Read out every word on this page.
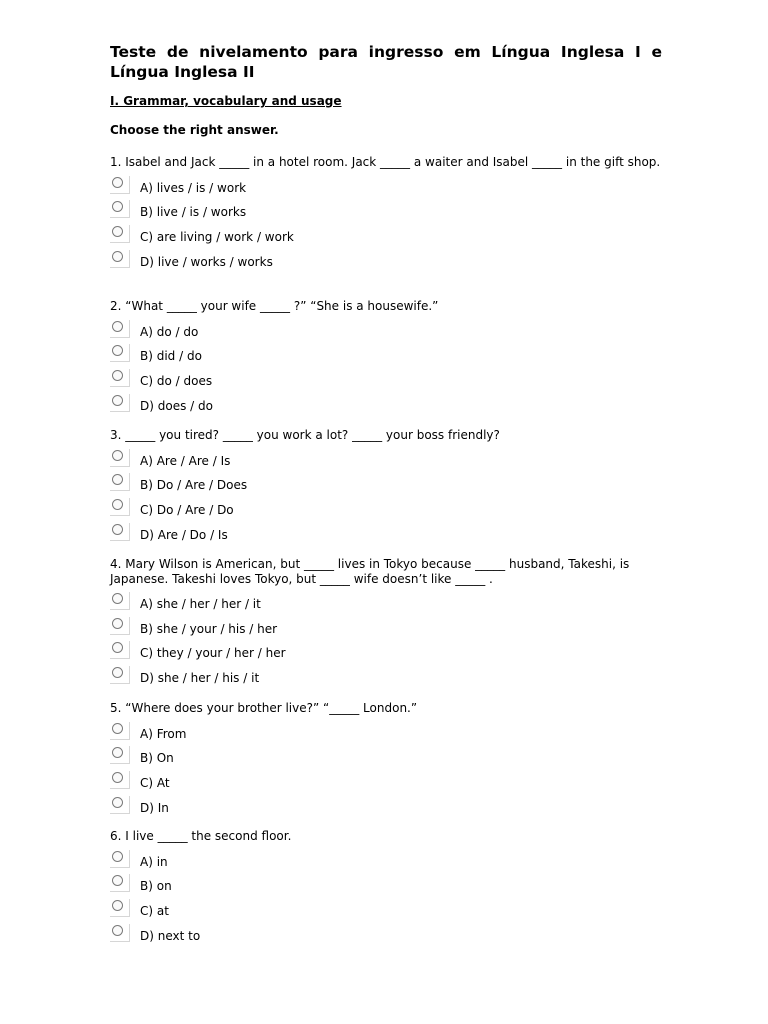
Teste de nivelamento para ingresso em Língua Inglesa I e Língua Inglesa II
I. Grammar, vocabulary and usage
Choose the right answer.
1. Isabel and Jack _____ in a hotel room. Jack _____ a waiter and Isabel _____ in the gift shop.
A) lives / is / work
B) live / is / works
C) are living / work / work
D) live / works / works
2. “What _____ your wife _____ ?” “She is a housewife.”
A) do / do
B) did / do
C) do / does
D) does / do
3. _____ you tired? _____ you work a lot? _____ your boss friendly?
A) Are / Are / Is
B) Do / Are / Does
C) Do / Are / Do
D) Are / Do / Is
4. Mary Wilson is American, but _____ lives in Tokyo because _____ husband, Takeshi, is Japanese. Takeshi loves Tokyo, but _____ wife doesn’t like _____ .
A) she / her / her / it
B) she / your / his / her
C) they / your / her / her
D) she / her / his / it
5. “Where does your brother live?” “_____ London.”
A) From
B) On
C) At
D) In
6. I live _____ the second floor.
A) in
B) on
C) at
D) next to
